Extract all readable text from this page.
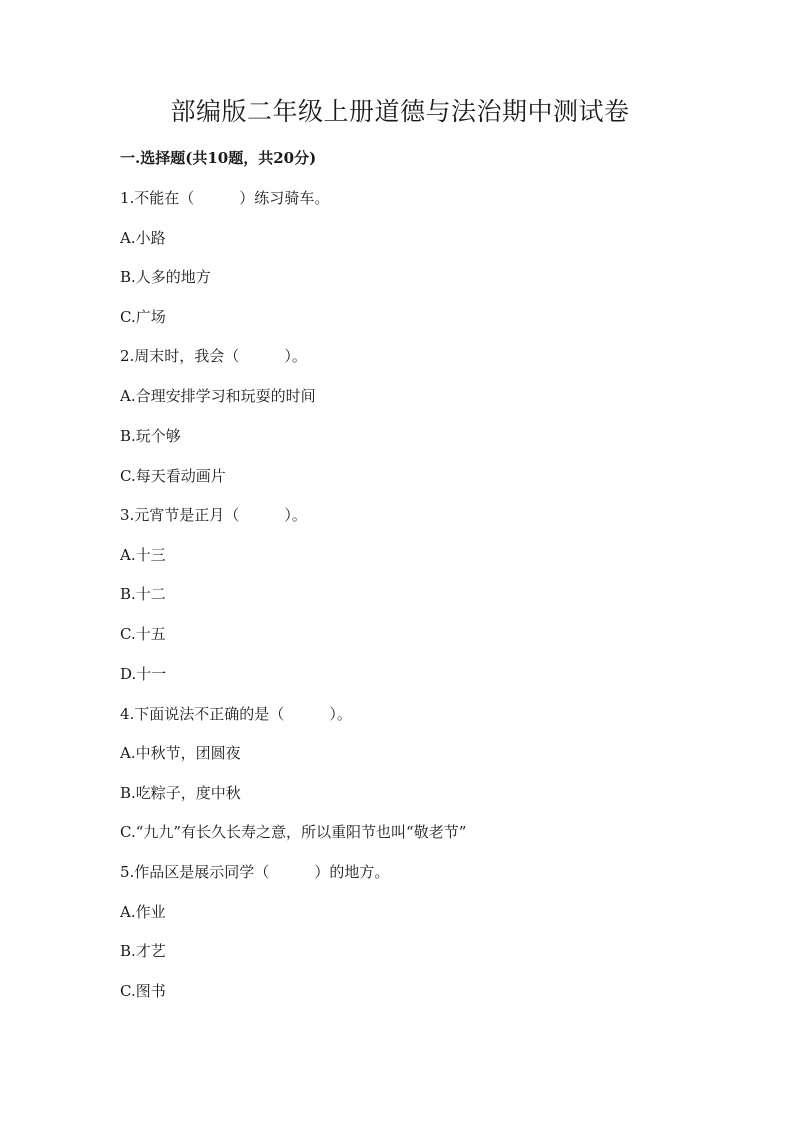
部编版二年级上册道德与法治期中测试卷
一.选择题(共10题，共20分)
1.不能在（　　　）练习骑车。
A.小路
B.人多的地方
C.广场
2.周末时，我会（　　　）。
A.合理安排学习和玩耍的时间
B.玩个够
C.每天看动画片
3.元宵节是正月（　　　）。
A.十三
B.十二
C.十五
D.十一
4.下面说法不正确的是（　　　）。
A.中秋节，团圆夜
B.吃粽子，度中秋
C.“九九”有长久长寿之意，所以重阳节也叫“敬老节”
5.作品区是展示同学（　　　）的地方。
A.作业
B.才艺
C.图书
